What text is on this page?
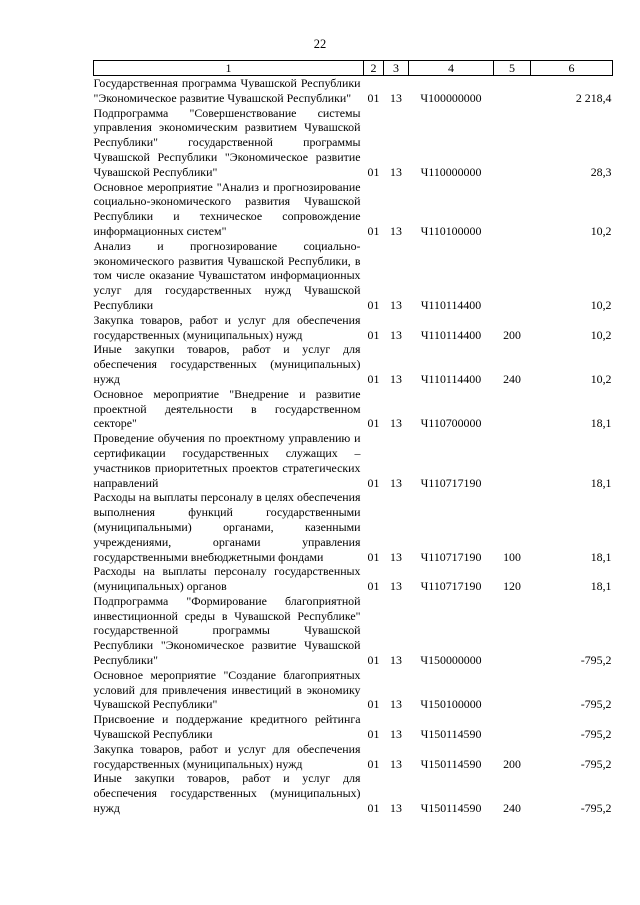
22
1	2	3	4	5	6
Государственная программа Чувашской Республики "Экономическое развитие Чувашской Республики"	01	13	Ч100000000		2 218,4
Подпрограмма "Совершенствование системы управления экономическим развитием Чувашской Республики" государственной программы Чувашской Республики "Экономическое развитие Чувашской Республики"	01	13	Ч110000000		28,3
Основное мероприятие "Анализ и прогнозирование социально-экономического развития Чувашской Республики и техническое сопровождение информационных систем"	01	13	Ч110100000		10,2
Анализ и прогнозирование социально-экономического развития Чувашской Республики, в том числе оказание Чувашстатом информационных услуг для государственных нужд Чувашской Республики	01	13	Ч110114400		10,2
Закупка товаров, работ и услуг для обеспечения государственных (муниципальных) нужд	01	13	Ч110114400	200	10,2
Иные закупки товаров, работ и услуг для обеспечения государственных (муниципальных) нужд	01	13	Ч110114400	240	10,2
Основное мероприятие "Внедрение и развитие проектной деятельности в государственном секторе"	01	13	Ч110700000		18,1
Проведение обучения по проектному управлению и сертификации государственных служащих – участников приоритетных проектов стратегических направлений	01	13	Ч110717190		18,1
Расходы на выплаты персоналу в целях обеспечения выполнения функций государственными (муниципальными) органами, казенными учреждениями, органами управления государственными внебюджетными фондами	01	13	Ч110717190	100	18,1
Расходы на выплаты персоналу государственных (муниципальных) органов	01	13	Ч110717190	120	18,1
Подпрограмма "Формирование благоприятной инвестиционной среды в Чувашской Республике" государственной программы Чувашской Республики "Экономическое развитие Чувашской Республики"	01	13	Ч150000000		-795,2
Основное мероприятие "Создание благоприятных условий для привлечения инвестиций в экономику Чувашской Республики"	01	13	Ч150100000		-795,2
Присвоение и поддержание кредитного рейтинга Чувашской Республики	01	13	Ч150114590		-795,2
Закупка товаров, работ и услуг для обеспечения государственных (муниципальных) нужд	01	13	Ч150114590	200	-795,2
Иные закупки товаров, работ и услуг для обеспечения государственных (муниципальных) нужд	01	13	Ч150114590	240	-795,2
